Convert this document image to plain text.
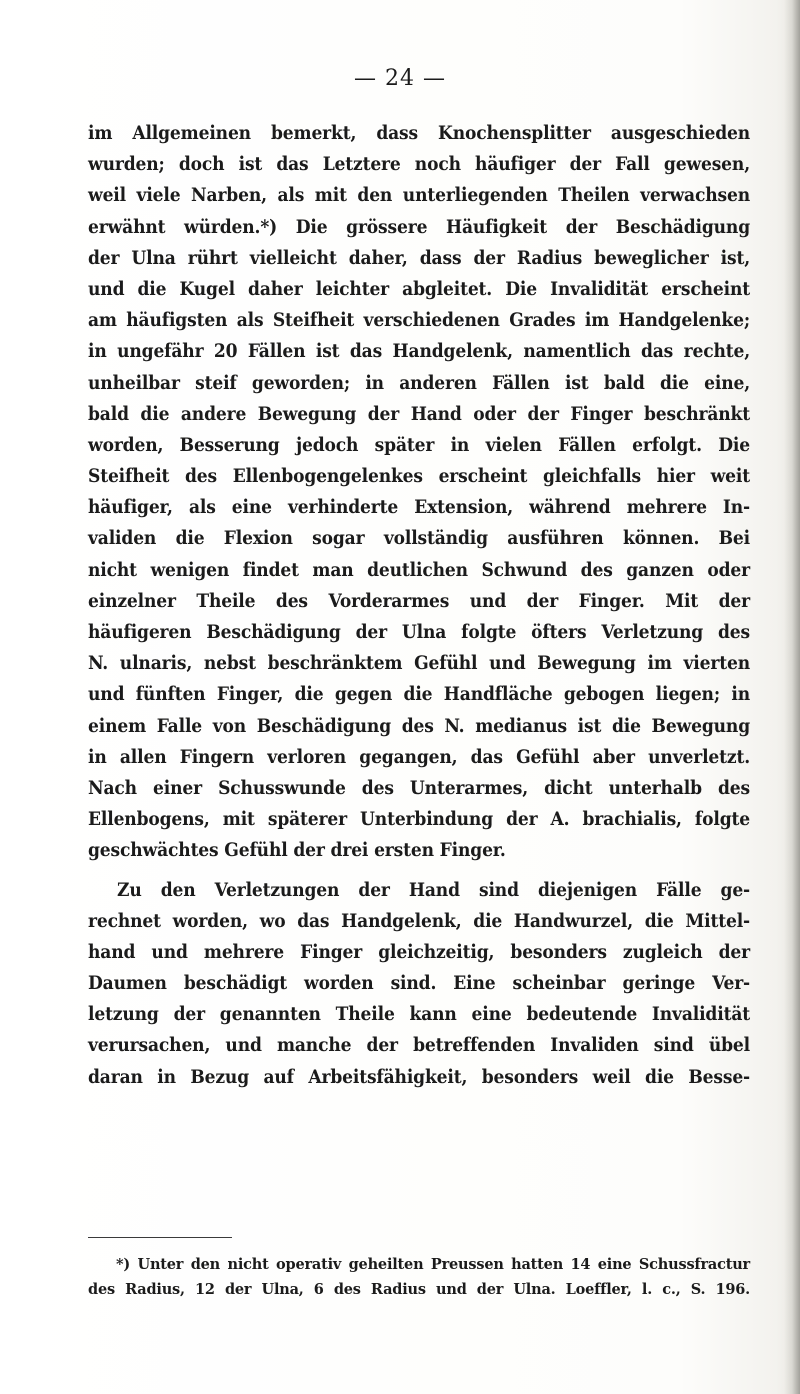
— 24 —
im Allgemeinen bemerkt, dass Knochensplitter ausgeschieden
wurden; doch ist das Letztere noch häufiger der Fall gewesen,
weil viele Narben, als mit den unterliegenden Theilen verwachsen
erwähnt würden.*) Die grössere Häufigkeit der Beschädigung
der Ulna rührt vielleicht daher, dass der Radius beweglicher ist,
und die Kugel daher leichter abgleitet. Die Invalidität erscheint
am häufigsten als Steifheit verschiedenen Grades im Handgelenke;
in ungefähr 20 Fällen ist das Handgelenk, namentlich das rechte,
unheilbar steif geworden; in anderen Fällen ist bald die eine,
bald die andere Bewegung der Hand oder der Finger beschränkt
worden, Besserung jedoch später in vielen Fällen erfolgt. Die
Steifheit des Ellenbogengelenkes erscheint gleichfalls hier weit
häufiger, als eine verhinderte Extension, während mehrere In-
validen die Flexion sogar vollständig ausführen können. Bei
nicht wenigen findet man deutlichen Schwund des ganzen oder
einzelner Theile des Vorderarmes und der Finger. Mit der
häufigeren Beschädigung der Ulna folgte öfters Verletzung des
N. ulnaris, nebst beschränktem Gefühl und Bewegung im vierten
und fünften Finger, die gegen die Handfläche gebogen liegen; in
einem Falle von Beschädigung des N. medianus ist die Bewegung
in allen Fingern verloren gegangen, das Gefühl aber unverletzt.
Nach einer Schusswunde des Unterarmes, dicht unterhalb des
Ellenbogens, mit späterer Unterbindung der A. brachialis, folgte
geschwächtes Gefühl der drei ersten Finger.
Zu den Verletzungen der Hand sind diejenigen Fälle ge-
rechnet worden, wo das Handgelenk, die Handwurzel, die Mittel-
hand und mehrere Finger gleichzeitig, besonders zugleich der
Daumen beschädigt worden sind. Eine scheinbar geringe Ver-
letzung der genannten Theile kann eine bedeutende Invalidität
verursachen, und manche der betreffenden Invaliden sind übel
daran in Bezug auf Arbeitsfähigkeit, besonders weil die Besse-
*) Unter den nicht operativ geheilten Preussen hatten 14 eine Schussfractur
des Radius, 12 der Ulna, 6 des Radius und der Ulna. Loeffler, l. c., S. 196.
